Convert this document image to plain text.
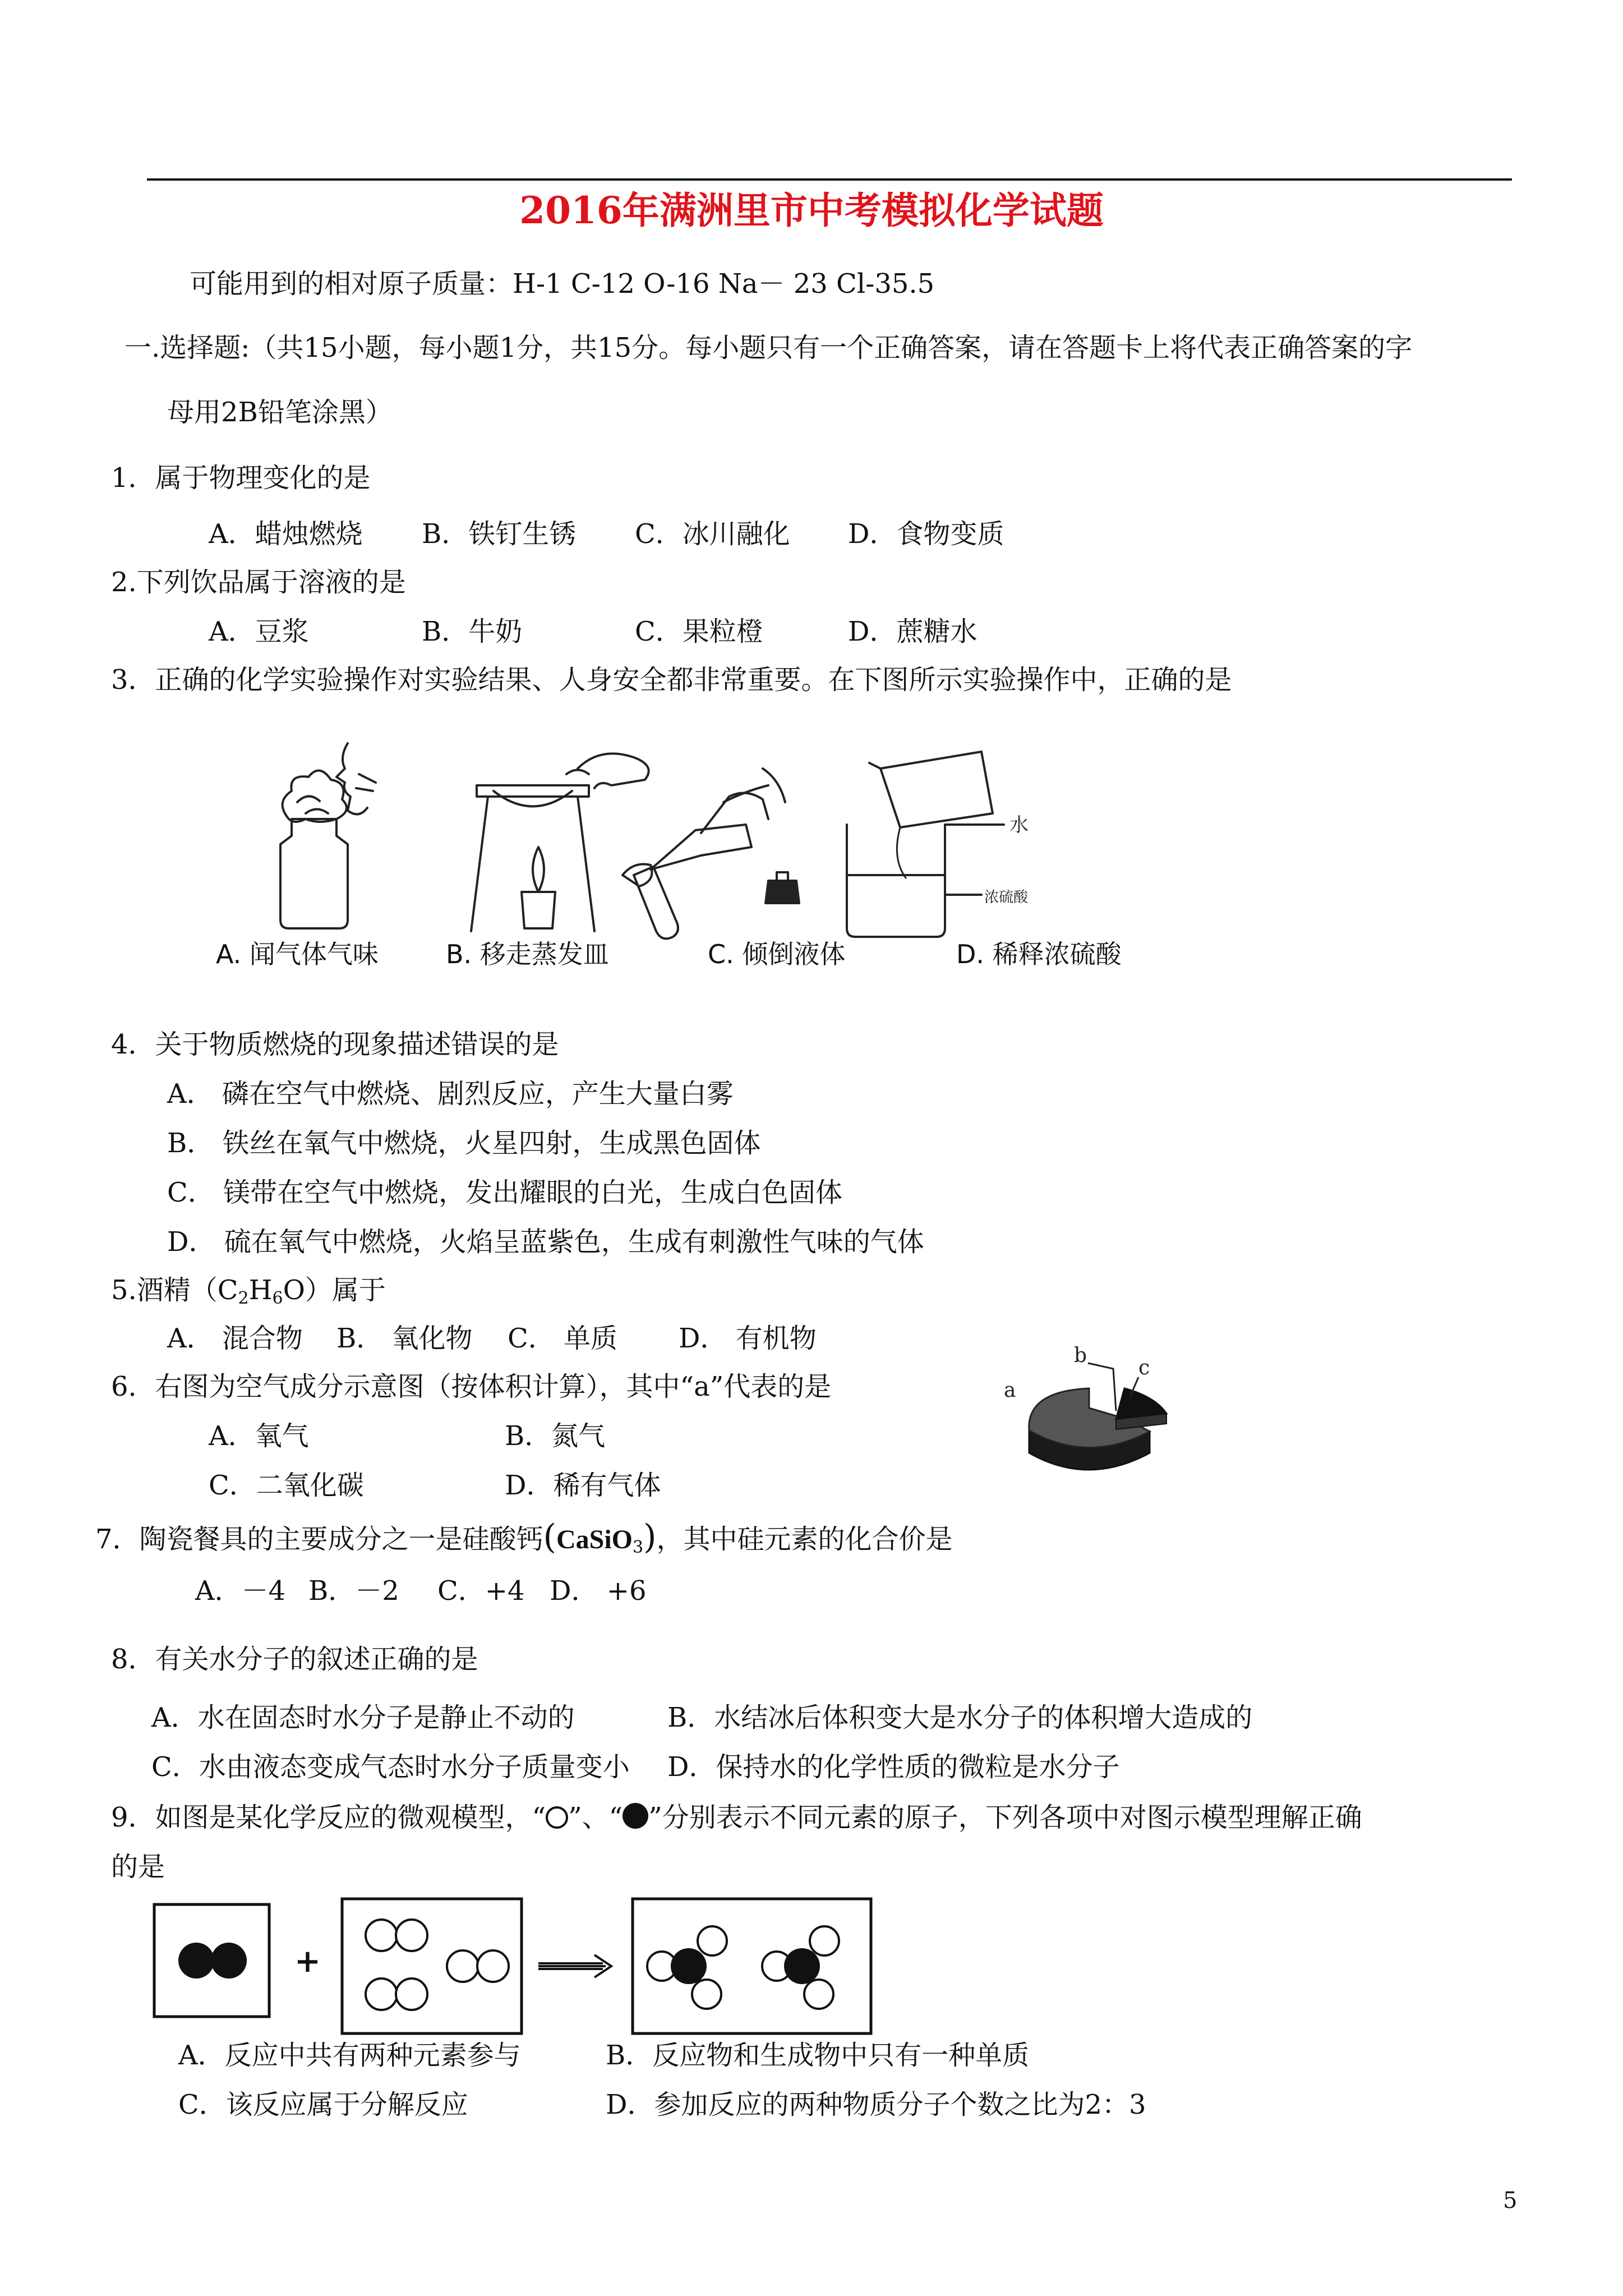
2016年满洲里市中考模拟化学试题
可能用到的相对原子质量：H-1 C-12 O-16 Na－ 23 Cl-35.5
一.选择题:（共15小题，每小题1分，共15分。每小题只有一个正确答案，请在答题卡上将代表正确答案的字
母用2B铅笔涂黑）
1．属于物理变化的是
A．蜡烛燃烧 B．铁钉生锈 C．冰川融化 D．食物变质
2.下列饮品属于溶液的是
A．豆浆	B．牛奶	C．果粒橙	D．蔗糖水
3．正确的化学实验操作对实验结果、人身安全都非常重要。在下图所示实验操作中，正确的是
水
浓硫酸
A. 闻气体气味	B. 移走蒸发皿	C. 倾倒液体	D. 稀释浓硫酸
4．关于物质燃烧的现象描述错误的是
A． 磷在空气中燃烧、剧烈反应，产生大量白雾
B． 铁丝在氧气中燃烧，火星四射，生成黑色固体
C． 镁带在空气中燃烧，发出耀眼的白光，生成白色固体
D． 硫在氧气中燃烧，火焰呈蓝紫色，生成有刺激性气味的气体
5.酒精$(C_2H_6O)$属于
A． 混合物 B． 氧化物 C． 单质 D． 有机物
6．右图为空气成分示意图（按体积计算），其中“a”代表的是
A．氧气	B．氮气
C．二氧化碳	D．稀有气体
a
b
c
7．陶瓷餐具的主要成分之一是硅酸钙(CaSiO$_3$)，其中硅元素的化合价是
A．－4 B．－2 C．+4 D． +6
8．有关水分子的叙述正确的是
A．水在固态时水分子是静止不动的	B．水结冰后体积变大是水分子的体积增大造成的
C．水由液态变成气态时水分子质量变小 D．保持水的化学性质的微粒是水分子
9．如图是某化学反应的微观模型，“ ”、“ ”分别表示不同元素的原子，下列各项中对图示模型理解正确
的是
+
A．反应中共有两种元素参与	B．反应物和生成物中只有一种单质
C．该反应属于分解反应	D．参加反应的两种物质分子个数之比为2：3
5
